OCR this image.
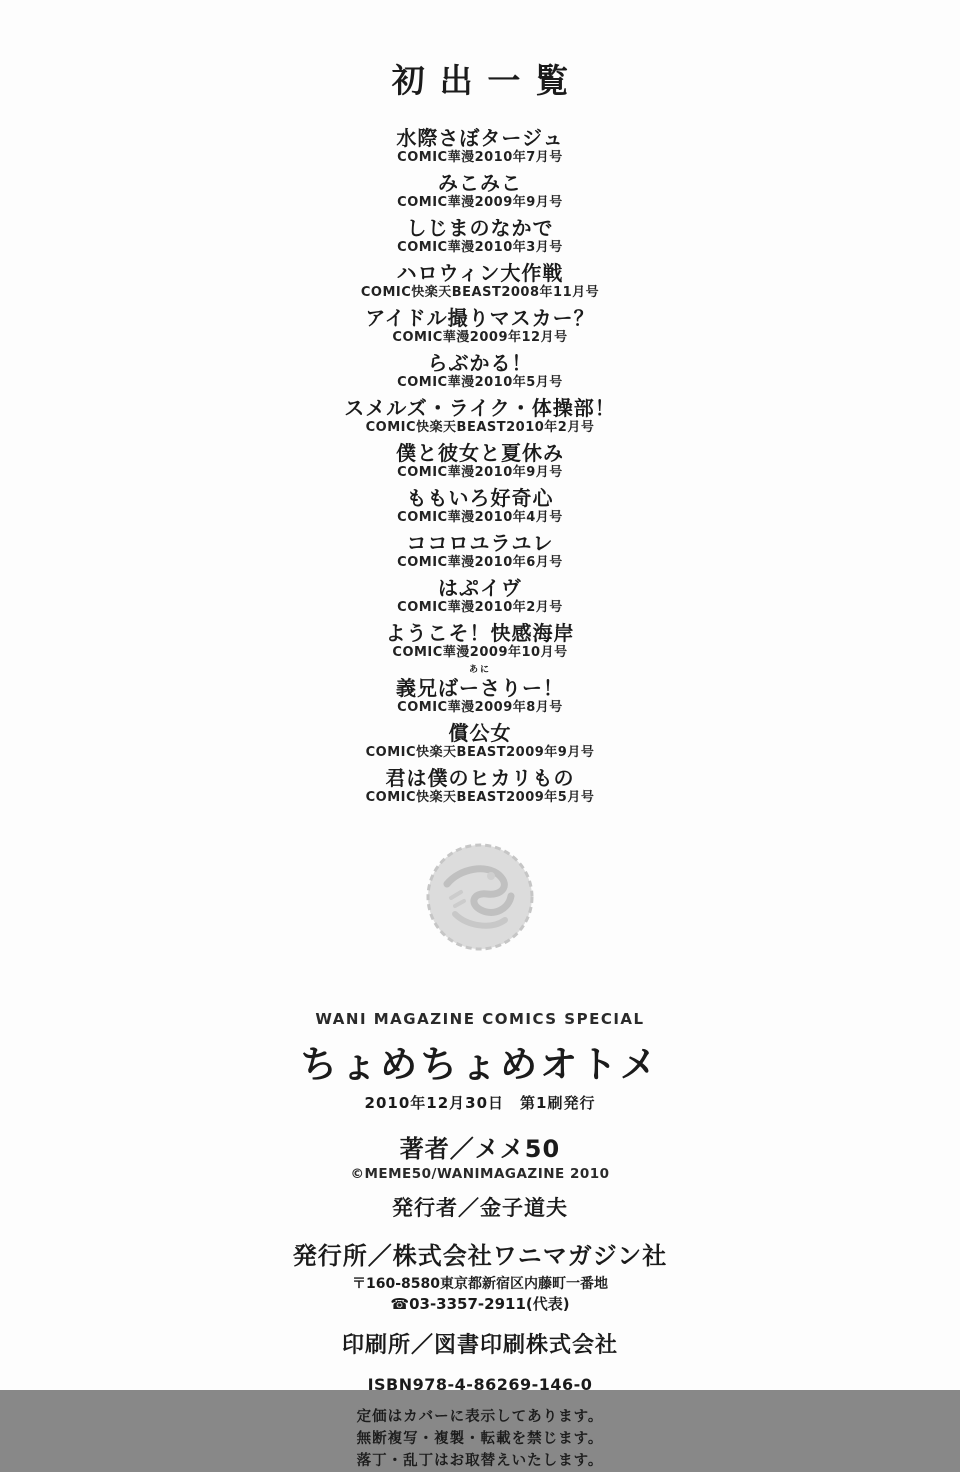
初出一覧
水際さぼタージュ
COMIC華漫2010年7月号
みこみこ
COMIC華漫2009年9月号
しじまのなかで
COMIC華漫2010年3月号
ハロウィン大作戦
COMIC快楽天BEAST2008年11月号
アイドル撮りマスカー？
COMIC華漫2009年12月号
らぶかる！
COMIC華漫2010年5月号
スメルズ・ライク・体操部！
COMIC快楽天BEAST2010年2月号
僕と彼女と夏休み
COMIC華漫2010年9月号
ももいろ好奇心
COMIC華漫2010年4月号
ココロユラユレ
COMIC華漫2010年6月号
はぷイヴ
COMIC華漫2010年2月号
ようこそ！快感海岸
COMIC華漫2009年10月号
あに
義兄ばーさりー！
COMIC華漫2009年8月号
償公女
COMIC快楽天BEAST2009年9月号
君は僕のヒカリもの
COMIC快楽天BEAST2009年5月号
WANI MAGAZINE COMICS SPECIAL
ちょめちょめオトメ
2010年12月30日　第1刷発行
著者／メメ50
©MEME50/WANIMAGAZINE 2010
発行者／金子道夫
発行所／株式会社ワニマガジン社
〒160-8580東京都新宿区内藤町一番地
☎03-3357-2911(代表)
印刷所／図書印刷株式会社
ISBN978-4-86269-146-0
定価はカバーに表示してあります。
無断複写・複製・転載を禁じます。
落丁・乱丁はお取替えいたします。
